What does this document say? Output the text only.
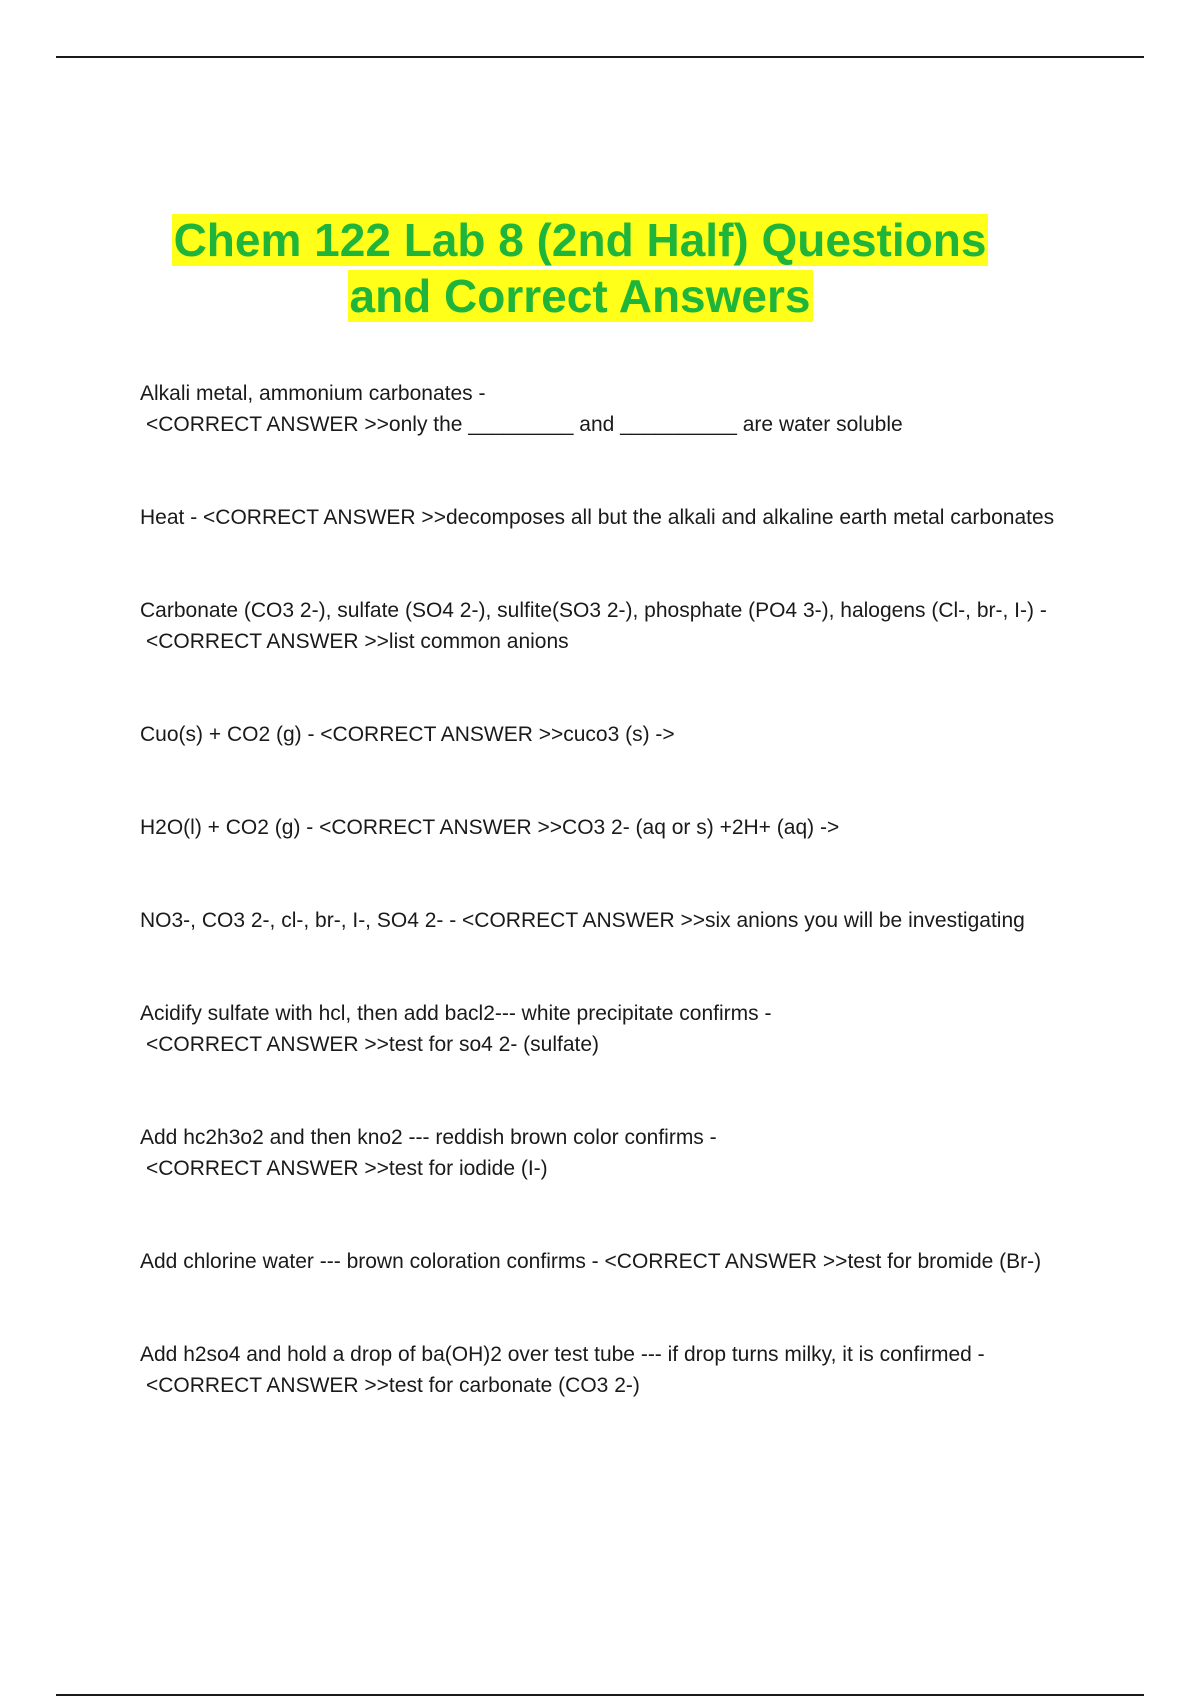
Chem 122 Lab 8 (2nd Half) Questions
and Correct Answers
Alkali metal, ammonium carbonates -
<CORRECT ANSWER >>only the _________ and __________ are water soluble
Heat - <CORRECT ANSWER >>decomposes all but the alkali and alkaline earth metal carbonates
Carbonate (CO3 2-), sulfate (SO4 2-), sulfite(SO3 2-), phosphate (PO4 3-), halogens (Cl-, br-, I-) -
<CORRECT ANSWER >>list common anions
Cuo(s) + CO2 (g) - <CORRECT ANSWER >>cuco3 (s) ->
H2O(l) + CO2 (g) - <CORRECT ANSWER >>CO3 2- (aq or s) +2H+ (aq) ->
NO3-, CO3 2-, cl-, br-, I-, SO4 2- - <CORRECT ANSWER >>six anions you will be investigating
Acidify sulfate with hcl, then add bacl2--- white precipitate confirms -
<CORRECT ANSWER >>test for so4 2- (sulfate)
Add hc2h3o2 and then kno2 --- reddish brown color confirms -
<CORRECT ANSWER >>test for iodide (I-)
Add chlorine water --- brown coloration confirms - <CORRECT ANSWER >>test for bromide (Br-)
Add h2so4 and hold a drop of ba(OH)2 over test tube --- if drop turns milky, it is confirmed -
<CORRECT ANSWER >>test for carbonate (CO3 2-)
